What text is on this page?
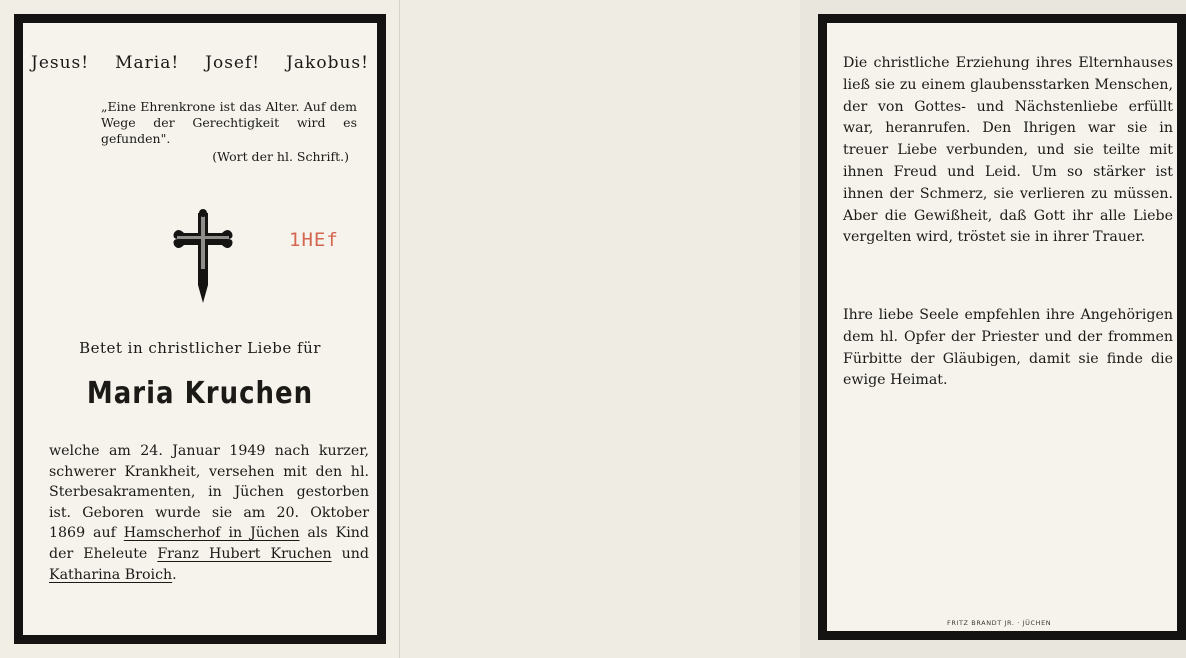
Jesus! Maria! Josef! Jakobus!
„Eine Ehrenkrone ist das Alter. Auf dem Wege der Gerechtigkeit wird es gefunden".
(Wort der hl. Schrift.)
1HEf
Betet in christlicher Liebe für
Maria Kruchen
welche am 24. Januar 1949 nach kurzer, schwerer Krankheit, versehen mit den hl. Sterbesakramenten, in Jüchen gestorben ist. Geboren wurde sie am 20. Oktober 1869 auf Hamscherhof in Jüchen als Kind der Eheleute Franz Hubert Kruchen und Katharina Broich.
Die christliche Erziehung ihres Elternhauses ließ sie zu einem glaubensstarken Menschen, der von Gottes- und Nächstenliebe erfüllt war, heranrufen. Den Ihrigen war sie in treuer Liebe verbunden, und sie teilte mit ihnen Freud und Leid. Um so stärker ist ihnen der Schmerz, sie verlieren zu müssen. Aber die Gewißheit, daß Gott ihr alle Liebe vergelten wird, tröstet sie in ihrer Trauer.
Ihre liebe Seele empfehlen ihre Angehörigen dem hl. Opfer der Priester und der frommen Fürbitte der Gläubigen, damit sie finde die ewige Heimat.
FRITZ BRANDT JR. · JÜCHEN
